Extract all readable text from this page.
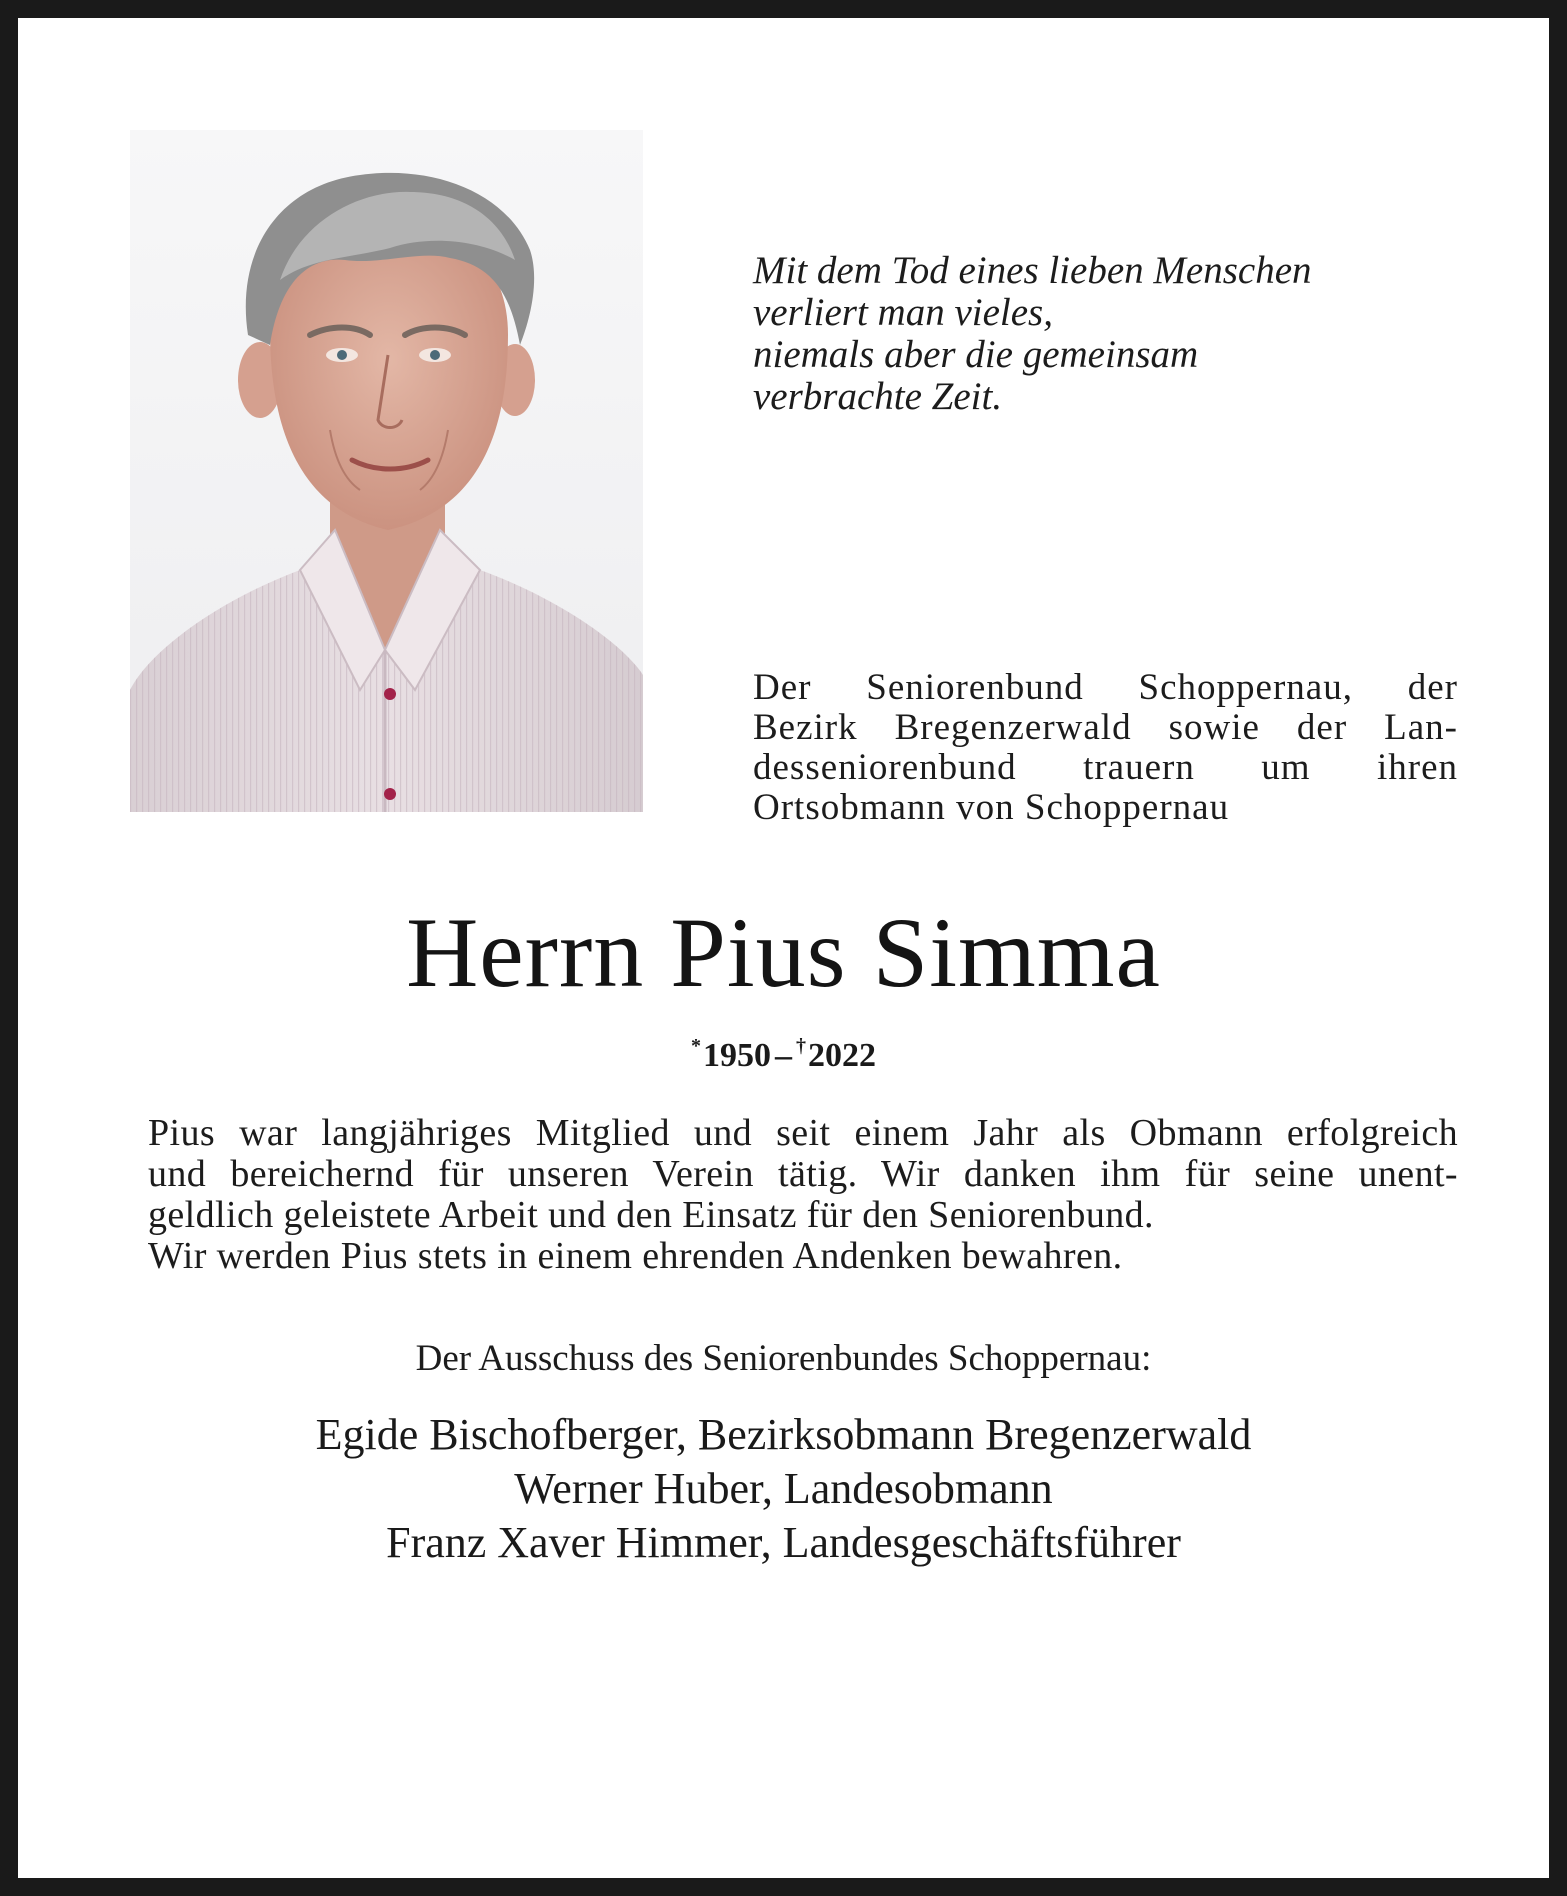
Mit dem Tod eines lieben Menschen
verliert man vieles,
niemals aber die gemeinsam
verbrachte Zeit.
Der Seniorenbund Schoppernau, der
Bezirk Bregenzerwald sowie der Lan-
desseniorenbund trauern um ihren
Ortsobmann von Schoppernau
Herrn Pius Simma
*1950 – †2022
Pius war langjähriges Mitglied und seit einem Jahr als Obmann erfolgreich
und bereichernd für unseren Verein tätig. Wir danken ihm für seine unent-
geldlich geleistete Arbeit und den Einsatz für den Seniorenbund.
Wir werden Pius stets in einem ehrenden Andenken bewahren.
Der Ausschuss des Seniorenbundes Schoppernau:
Egide Bischofberger, Bezirksobmann Bregenzerwald
Werner Huber, Landesobmann
Franz Xaver Himmer, Landesgeschäftsführer
